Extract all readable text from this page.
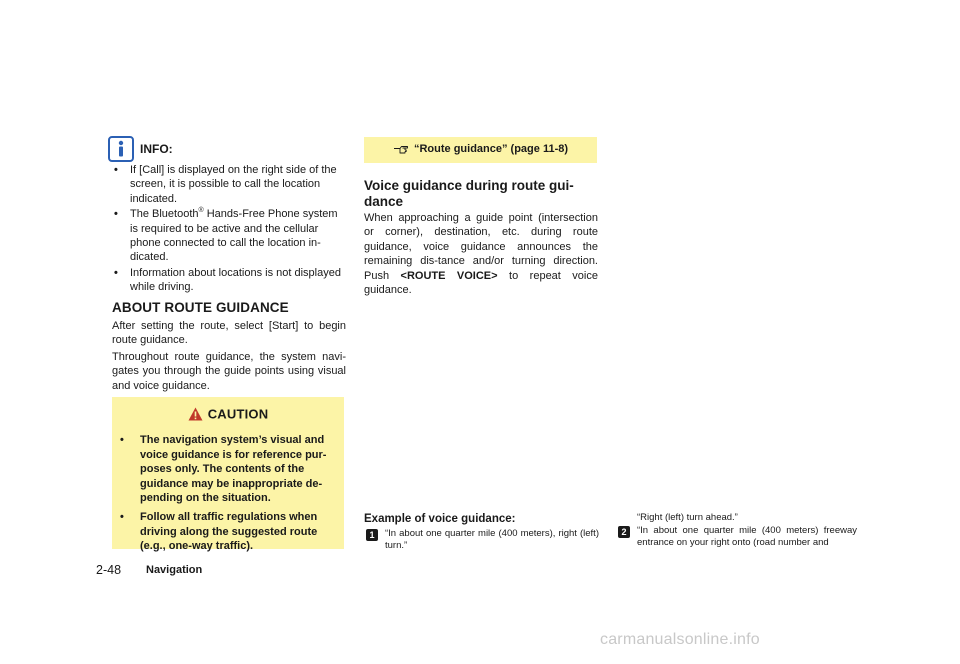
INFO:
• If [Call] is displayed on the right side of the screen, it is possible to call the location indicated.
• The Bluetooth® Hands-Free Phone system is required to be active and the cellular phone connected to call the location in-dicated.
• Information about locations is not displayed while driving.
ABOUT ROUTE GUIDANCE
After setting the route, select [Start] to begin route guidance.
Throughout route guidance, the system navi-gates you through the guide points using visual and voice guidance.
CAUTION
• The navigation system’s visual and voice guidance is for reference pur-poses only. The contents of the guidance may be inappropriate de-pending on the situation.
• Follow all traffic regulations when driving along the suggested route (e.g., one-way traffic).
2-48 Navigation
“Route guidance” (page 11-8)
Voice guidance during route gui-dance
When approaching a guide point (intersection or corner), destination, etc. during route guidance, voice guidance announces the remaining dis-tance and/or turning direction. Push <ROUTE VOICE> to repeat voice guidance.
Example of voice guidance:
1	“In about one quarter mile (400 meters), right (left) turn.”
“Right (left) turn ahead.”
2	“In about one quarter mile (400 meters) freeway entrance on your right onto (road number and
carmanualsonline.info
